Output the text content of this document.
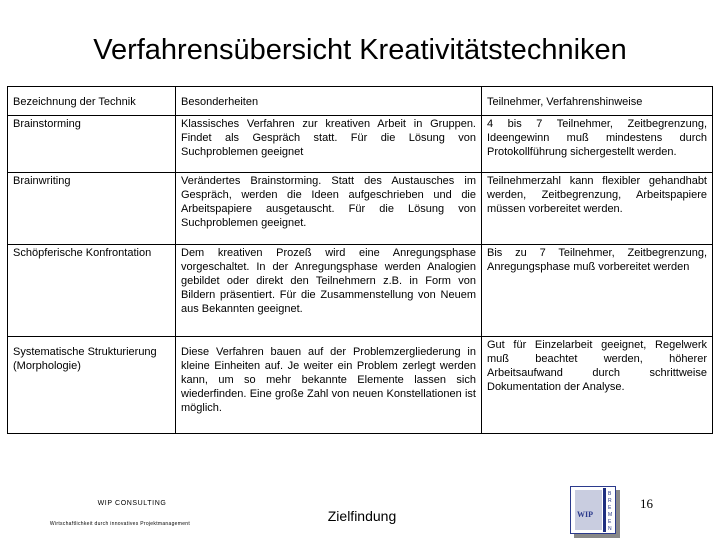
Verfahrensübersicht Kreativitätstechniken
Bezeichnung der Technik	Besonderheiten	Teilnehmer, Verfahrenshinweise
Brainstorming	Klassisches Verfahren zur kreativen Arbeit in Gruppen. Findet als Gespräch statt. Für die Lösung von Suchproblemen geeignet	4 bis 7 Teilnehmer, Zeitbegrenzung, Ideengewinn muß mindestens durch Protokollführung sichergestellt werden.
Brainwriting	Verändertes Brainstorming. Statt des Austausches im Gespräch, werden die Ideen aufgeschrieben und die Arbeitspapiere ausgetauscht. Für die Lösung von Suchproblemen geeignet.	Teilnehmerzahl kann flexibler gehandhabt werden, Zeitbegrenzung, Arbeitspapiere müssen vorbereitet werden.
Schöpferische Konfrontation	Dem kreativen Prozeß wird eine Anregungsphase vorgeschaltet. In der Anregungsphase werden Analogien gebildet oder direkt den Teilnehmern z.B. in Form von Bildern präsentiert. Für die Zusammenstellung von Neuem aus Bekannten geeignet.	Bis zu 7 Teilnehmer, Zeitbegrenzung, Anregungsphase muß vorbereitet werden
Systematische Strukturierung (Morphologie)	Diese Verfahren bauen auf der Problemzergliederung in kleine Einheiten auf. Je weiter ein Problem zerlegt werden kann, um so mehr bekannte Elemente lassen sich wiederfinden. Eine große Zahl von neuen Konstellationen ist möglich.	Gut für Einzelarbeit geeignet, Regelwerk muß beachtet werden, höherer Arbeitsaufwand durch schrittweise Dokumentation der Analyse.
WIP CONSULTING
Wirtschaftlichkeit durch innovatives Projektmanagement	Zielfindung	WIP
B
R
E
M
E
N
16
